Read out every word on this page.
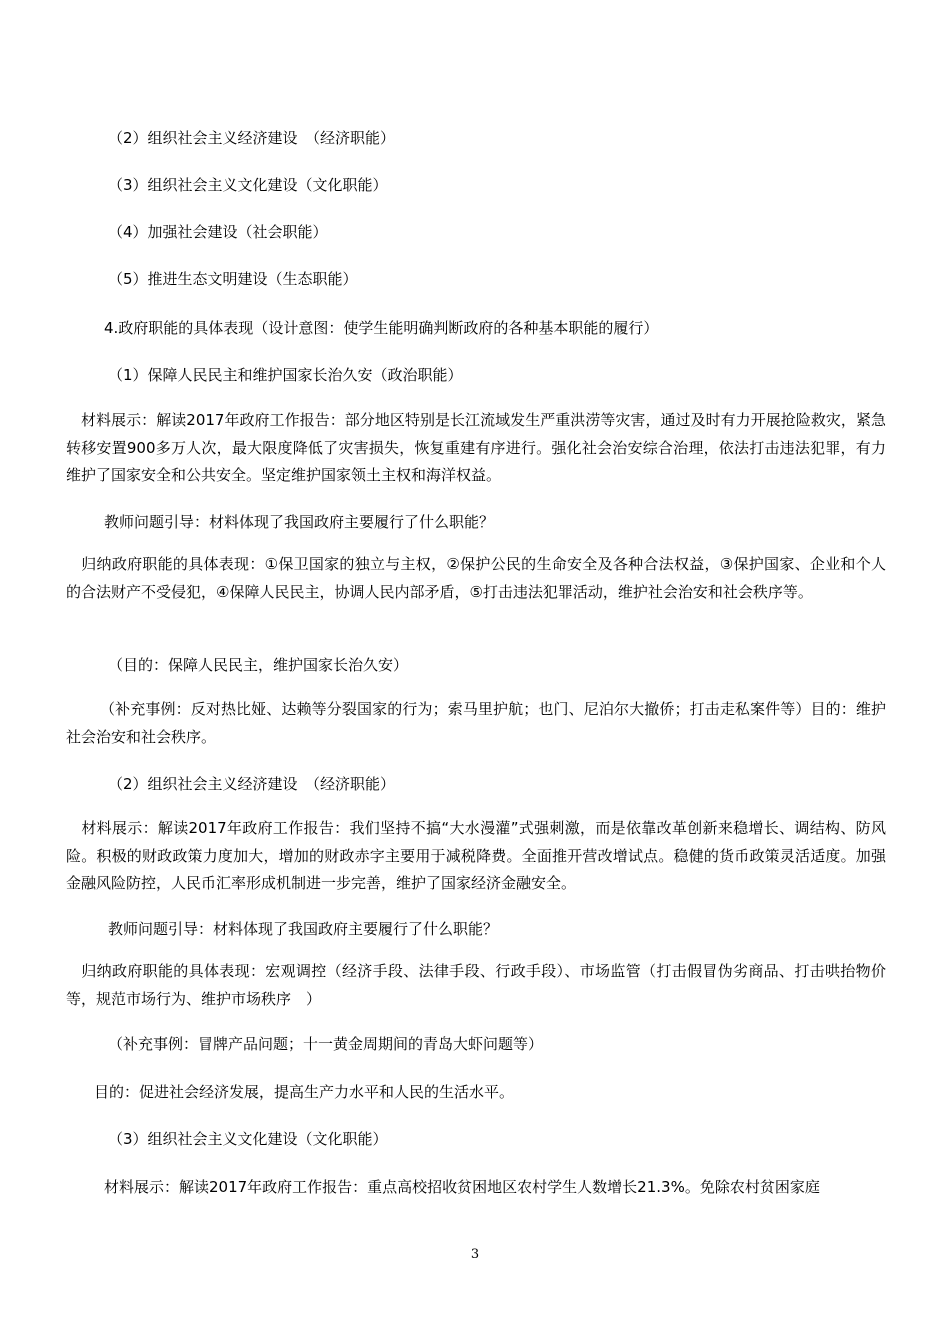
（2）组织社会主义经济建设　（经济职能）
（3）组织社会主义文化建设（文化职能）
（4）加强社会建设（社会职能）
（5）推进生态文明建设（生态职能）
4.政府职能的具体表现（设计意图：使学生能明确判断政府的各种基本职能的履行）
（1）保障人民民主和维护国家长治久安（政治职能）
　材料展示：解读2017年政府工作报告：部分地区特别是长江流域发生严重洪涝等灾害，通过及时有力开展抢险救灾，紧急转移安置900多万人次，最大限度降低了灾害损失，恢复重建有序进行。强化社会治安综合治理，依法打击违法犯罪，有力维护了国家安全和公共安全。坚定维护国家领土主权和海洋权益。
教师问题引导：材料体现了我国政府主要履行了什么职能？
　归纳政府职能的具体表现：①保卫国家的独立与主权，②保护公民的生命安全及各种合法权益，③保护国家、企业和个人的合法财产不受侵犯，④保障人民民主，协调人民内部矛盾，⑤打击违法犯罪活动，维护社会治安和社会秩序等。
（目的：保障人民民主，维护国家长治久安）
（补充事例：反对热比娅、达赖等分裂国家的行为；索马里护航；也门、尼泊尔大撤侨；打击走私案件等）目的：维护社会治安和社会秩序。
（2）组织社会主义经济建设　（经济职能）
　材料展示：解读2017年政府工作报告：我们坚持不搞“大水漫灌”式强刺激，而是依靠改革创新来稳增长、调结构、防风险。积极的财政政策力度加大，增加的财政赤字主要用于减税降费。全面推开营改增试点。稳健的货币政策灵活适度。加强金融风险防控，人民币汇率形成机制进一步完善，维护了国家经济金融安全。
教师问题引导：材料体现了我国政府主要履行了什么职能？
　归纳政府职能的具体表现：宏观调控（经济手段、法律手段、行政手段）、市场监管（打击假冒伪劣商品、打击哄抬物价等，规范市场行为、维护市场秩序　）
（补充事例：冒牌产品问题；十一黄金周期间的青岛大虾问题等）
目的：促进社会经济发展，提高生产力水平和人民的生活水平。
（3）组织社会主义文化建设（文化职能）
材料展示：解读2017年政府工作报告：重点高校招收贫困地区农村学生人数增长21.3%。免除农村贫困家庭
3
